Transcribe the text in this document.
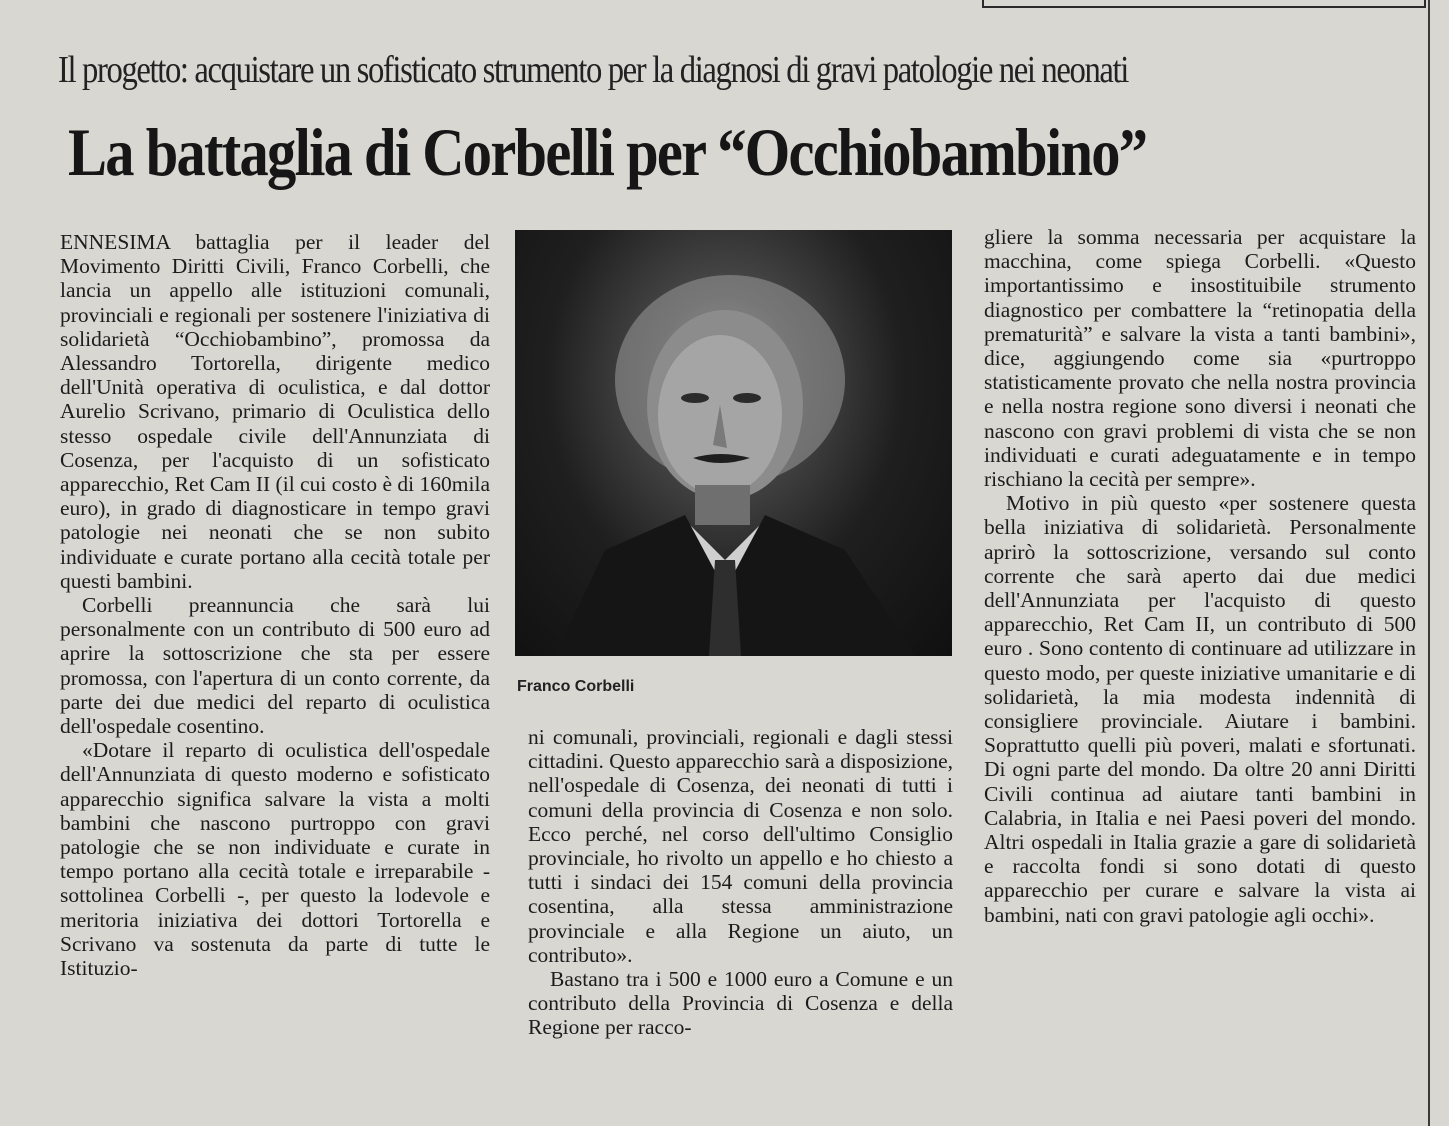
Il progetto: acquistare un sofisticato strumento per la diagnosi di gravi patologie nei neonati
La battaglia di Corbelli per “Occhiobambino”

ENNESIMA battaglia per il leader del Movimento Diritti Civili, Franco Corbelli, che lancia un appello alle istituzioni comunali, provinciali e regionali per sostenere l'iniziativa di solidarietà “Occhiobambino”, promossa da Alessandro Tortorella, dirigente medico dell'Unità operativa di oculistica, e dal dottor Aurelio Scrivano, primario di Oculistica dello stesso ospedale civile dell'Annunziata di Cosenza, per l'acquisto di un sofisticato apparecchio, Ret Cam II (il cui costo è di 160mila euro), in grado di diagnosticare in tempo gravi patologie nei neonati che se non subito individuate e curate portano alla cecità totale per questi bambini.

Corbelli preannuncia che sarà lui personalmente con un contributo di 500 euro ad aprire la sottoscrizione che sta per essere promossa, con l'apertura di un conto corrente, da parte dei due medici del reparto di oculistica dell'ospedale cosentino.

«Dotare il reparto di oculistica dell'ospedale dell'Annunziata di questo moderno e sofisticato apparecchio significa salvare la vista a molti bambini che nascono purtroppo con gravi patologie che se non individuate e curate in tempo portano alla cecità totale e irreparabile - sottolinea Corbelli -, per questo la lodevole e meritoria iniziativa dei dottori Tortorella e Scrivano va sostenuta da parte di tutte le Istituzio-

Franco Corbelli

ni comunali, provinciali, regionali e dagli stessi cittadini. Questo apparecchio sarà a disposizione, nell'ospedale di Cosenza, dei neonati di tutti i comuni della provincia di Cosenza e non solo. Ecco perché, nel corso dell'ultimo Consiglio provinciale, ho rivolto un appello e ho chiesto a tutti i sindaci dei 154 comuni della provincia cosentina, alla stessa amministrazione provinciale e alla Regione un aiuto, un contributo».

Bastano tra i 500 e 1000 euro a Comune e un contributo della Provincia di Cosenza e della Regione per racco-

gliere la somma necessaria per acquistare la macchina, come spiega Corbelli. «Questo importantissimo e insostituibile strumento diagnostico per combattere la “retinopatia della prematurità” e salvare la vista a tanti bambini», dice, aggiungendo come sia «purtroppo statisticamente provato che nella nostra provincia e nella nostra regione sono diversi i neonati che nascono con gravi problemi di vista che se non individuati e curati adeguatamente e in tempo rischiano la cecità per sempre».

Motivo in più questo «per sostenere questa bella iniziativa di solidarietà. Personalmente aprirò la sottoscrizione, versando sul conto corrente che sarà aperto dai due medici dell'Annunziata per l'acquisto di questo apparecchio, Ret Cam II, un contributo di 500 euro . Sono contento di continuare ad utilizzare in questo modo, per queste iniziative umanitarie e di solidarietà, la mia modesta indennità di consigliere provinciale. Aiutare i bambini. Soprattutto quelli più poveri, malati e sfortunati. Di ogni parte del mondo. Da oltre 20 anni Diritti Civili continua ad aiutare tanti bambini in Calabria, in Italia e nei Paesi poveri del mondo. Altri ospedali in Italia grazie a gare di solidarietà e raccolta fondi si sono dotati di questo apparecchio per curare e salvare la vista ai bambini, nati con gravi patologie agli occhi».
